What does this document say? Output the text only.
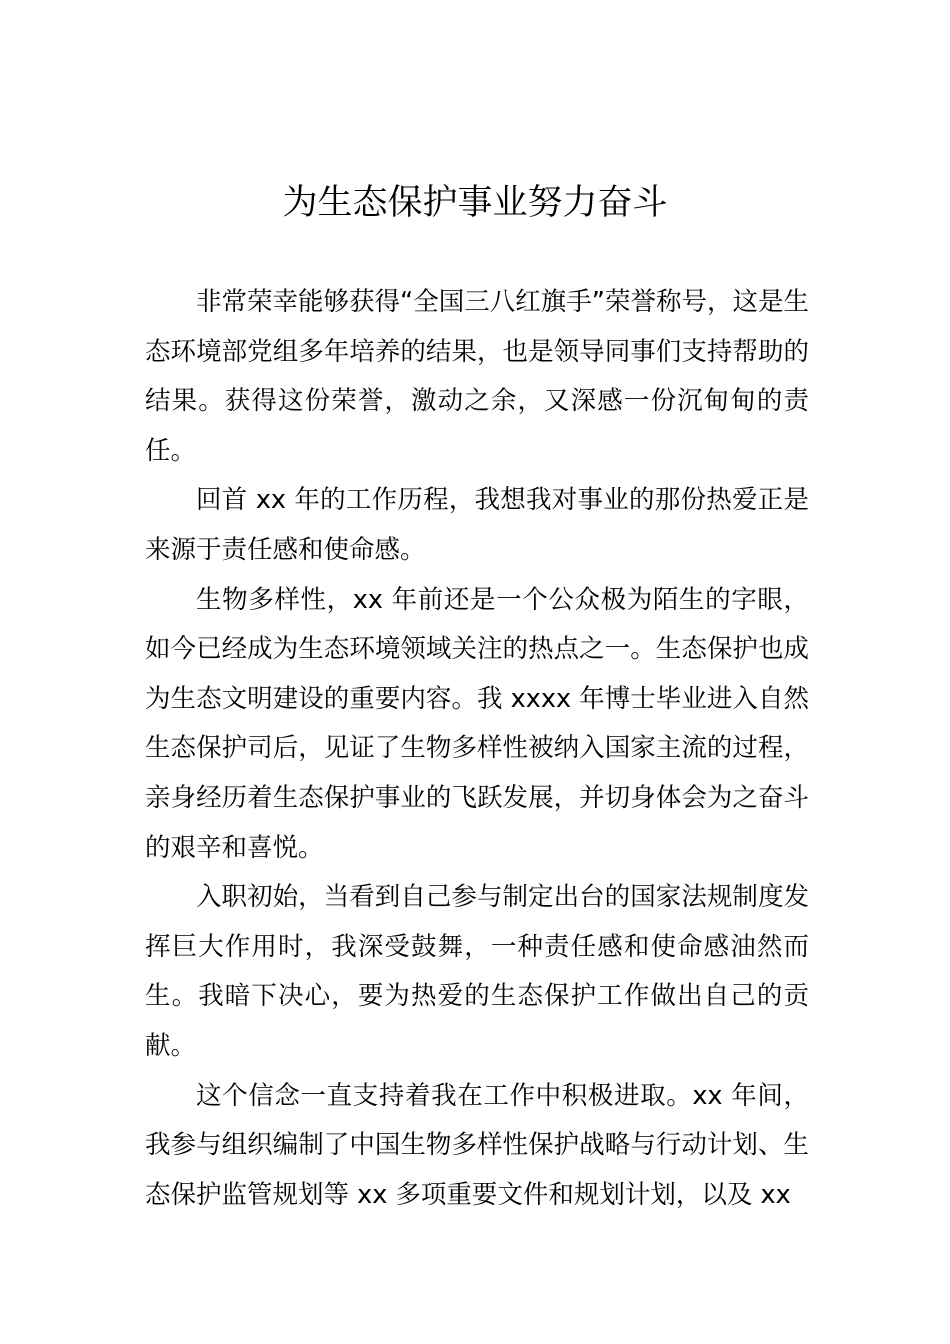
为生态保护事业努力奋斗

非常荣幸能够获得“全国三八红旗手”荣誉称号，这是生态环境部党组多年培养的结果，也是领导同事们支持帮助的结果。获得这份荣誉，激动之余，又深感一份沉甸甸的责任。

回首 xx 年的工作历程，我想我对事业的那份热爱正是来源于责任感和使命感。

生物多样性，xx 年前还是一个公众极为陌生的字眼，如今已经成为生态环境领域关注的热点之一。生态保护也成为生态文明建设的重要内容。我 xxxx 年博士毕业进入自然生态保护司后，见证了生物多样性被纳入国家主流的过程，亲身经历着生态保护事业的飞跃发展，并切身体会为之奋斗的艰辛和喜悦。

入职初始，当看到自己参与制定出台的国家法规制度发挥巨大作用时，我深受鼓舞，一种责任感和使命感油然而生。我暗下决心，要为热爱的生态保护工作做出自己的贡献。

这个信念一直支持着我在工作中积极进取。xx 年间，我参与组织编制了中国生物多样性保护战略与行动计划、生态保护监管规划等 xx 多项重要文件和规划计划，以及 xx
